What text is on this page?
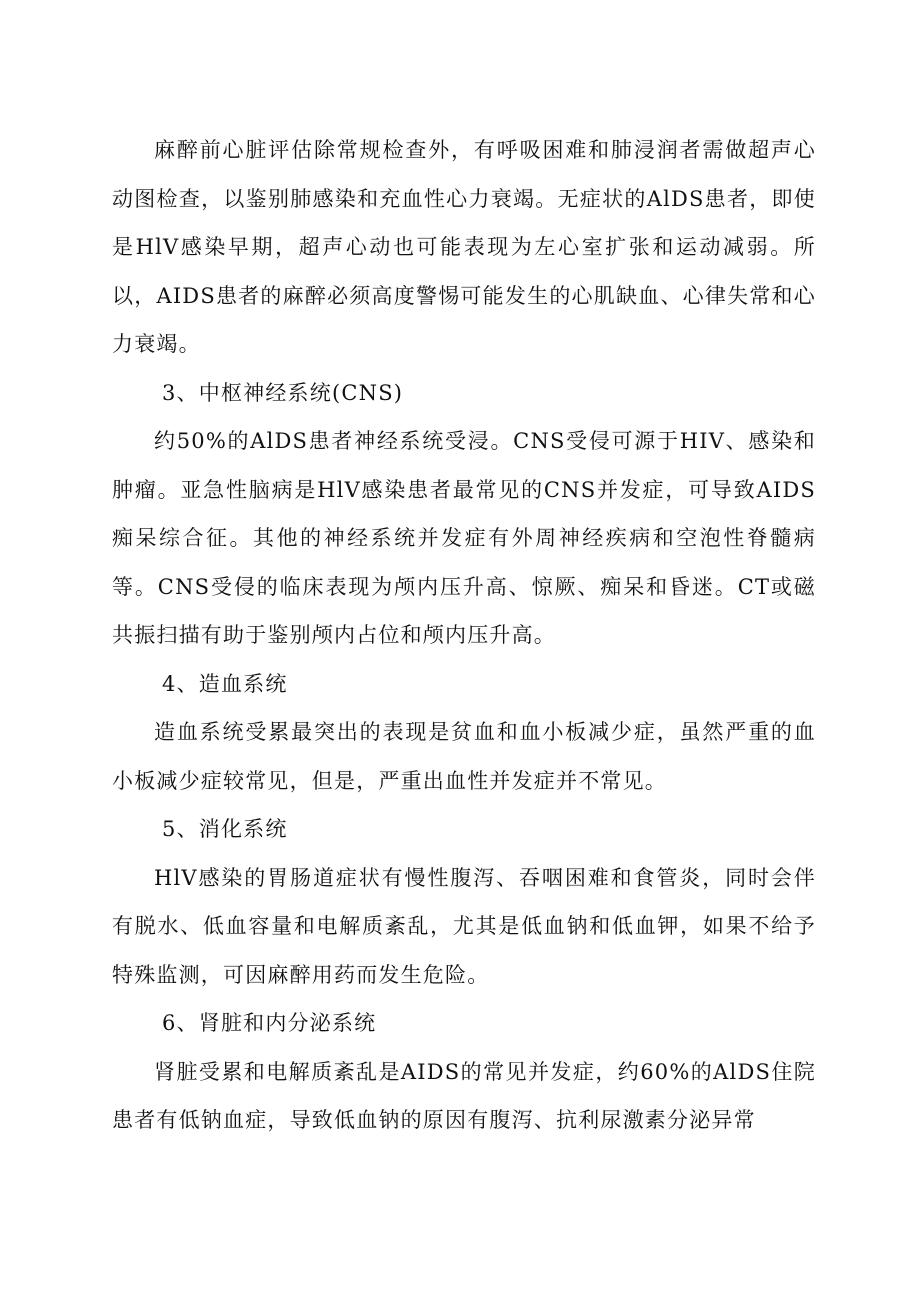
麻醉前心脏评估除常规检查外，有呼吸困难和肺浸润者需做超声心动图检查，以鉴别肺感染和充血性心力衰竭。无症状的AlDS患者，即使是HlV感染早期，超声心动也可能表现为左心室扩张和运动减弱。所以，AIDS患者的麻醉必须高度警惕可能发生的心肌缺血、心律失常和心力衰竭。

3、中枢神经系统(CNS)

约50%的AlDS患者神经系统受浸。CNS受侵可源于HIV、感染和肿瘤。亚急性脑病是HlV感染患者最常见的CNS并发症，可导致AIDS痴呆综合征。其他的神经系统并发症有外周神经疾病和空泡性脊髓病等。CNS受侵的临床表现为颅内压升高、惊厥、痴呆和昏迷。CT或磁共振扫描有助于鉴别颅内占位和颅内压升高。

4、造血系统

造血系统受累最突出的表现是贫血和血小板减少症，虽然严重的血小板减少症较常见，但是，严重出血性并发症并不常见。

5、消化系统

HlV感染的胃肠道症状有慢性腹泻、吞咽困难和食管炎，同时会伴有脱水、低血容量和电解质紊乱，尤其是低血钠和低血钾，如果不给予特殊监测，可因麻醉用药而发生危险。

6、肾脏和内分泌系统

肾脏受累和电解质紊乱是AIDS的常见并发症，约60%的AlDS住院患者有低钠血症，导致低血钠的原因有腹泻、抗利尿激素分泌异常
